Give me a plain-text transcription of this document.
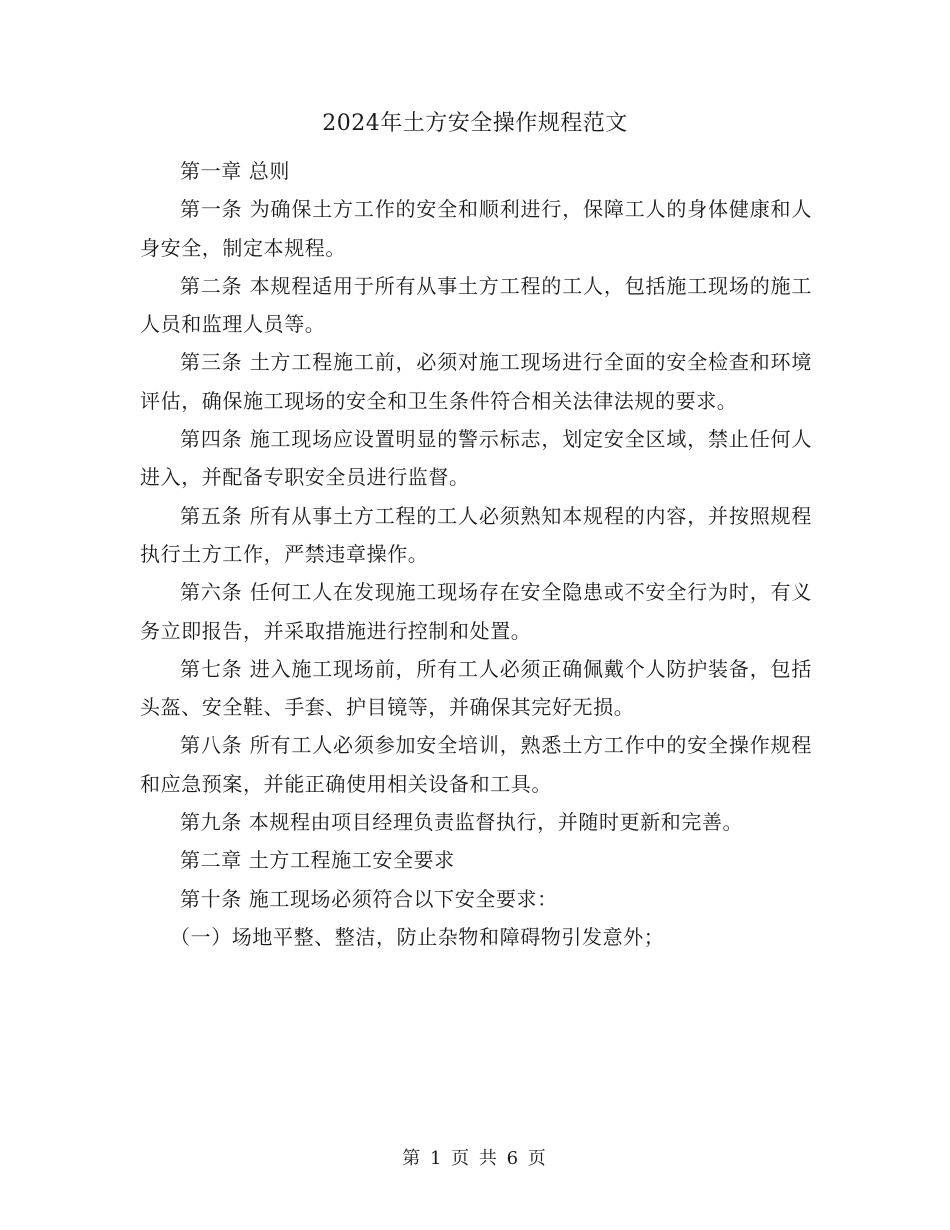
2024年土方安全操作规程范文

第一章 总则

第一条 为确保土方工作的安全和顺利进行，保障工人的身体健康和人身安全，制定本规程。

第二条 本规程适用于所有从事土方工程的工人，包括施工现场的施工人员和监理人员等。

第三条 土方工程施工前，必须对施工现场进行全面的安全检查和环境评估，确保施工现场的安全和卫生条件符合相关法律法规的要求。

第四条 施工现场应设置明显的警示标志，划定安全区域，禁止任何人进入，并配备专职安全员进行监督。

第五条 所有从事土方工程的工人必须熟知本规程的内容，并按照规程执行土方工作，严禁违章操作。

第六条 任何工人在发现施工现场存在安全隐患或不安全行为时，有义务立即报告，并采取措施进行控制和处置。

第七条 进入施工现场前，所有工人必须正确佩戴个人防护装备，包括头盔、安全鞋、手套、护目镜等，并确保其完好无损。

第八条 所有工人必须参加安全培训，熟悉土方工作中的安全操作规程和应急预案，并能正确使用相关设备和工具。

第九条 本规程由项目经理负责监督执行，并随时更新和完善。

第二章 土方工程施工安全要求

第十条 施工现场必须符合以下安全要求：

（一）场地平整、整洁，防止杂物和障碍物引发意外；

第 1 页 共 6 页
